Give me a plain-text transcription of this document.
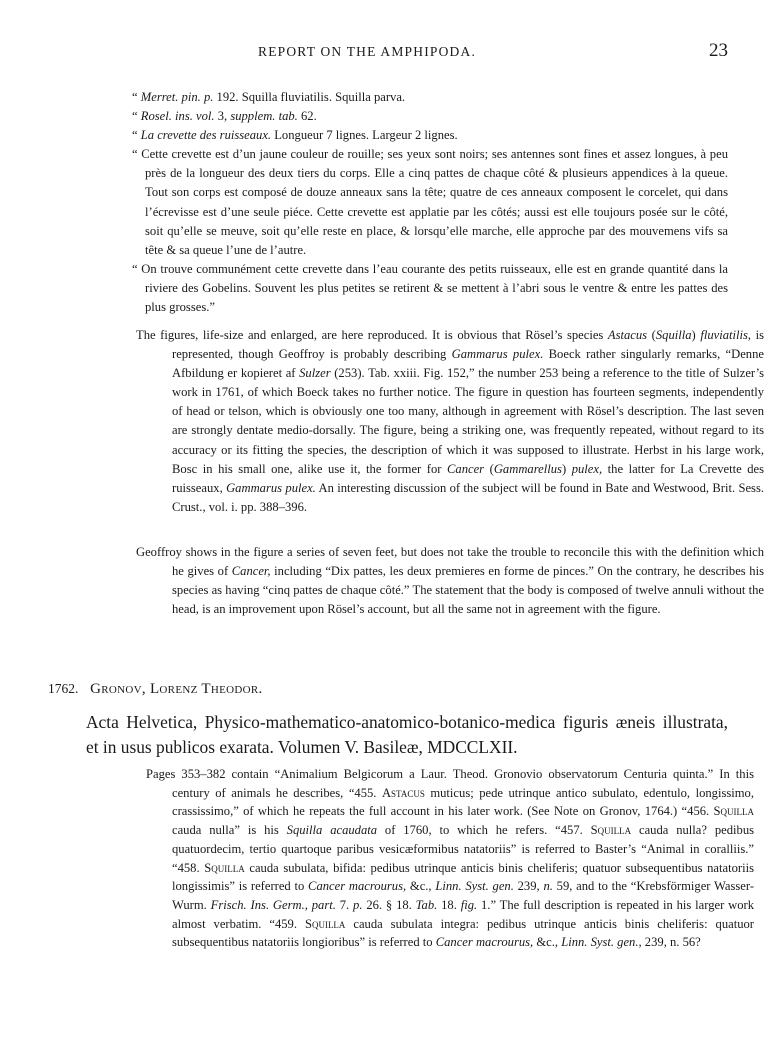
REPORT ON THE AMPHIPODA.	23
“ Merret. pin. p. 192. Squilla fluviatilis. Squilla parva.
“ Rosel. ins. vol. 3, supplem. tab. 62.
“ La crevette des ruisseaux. Longueur 7 lignes. Largeur 2 lignes.
“ Cette crevette est d’un jaune couleur de rouille; ses yeux sont noirs; ses antennes sont fines et assez longues, à peu près de la longueur des deux tiers du corps. Elle a cinq pattes de chaque côté & plusieurs appendices à la queue. Tout son corps est composé de douze anneaux sans la tête; quatre de ces anneaux composent le corcelet, qui dans l’écrevisse est d’une seule piéce. Cette crevette est applatie par les côtés; aussi est elle toujours posée sur le côté, soit qu’elle se meuve, soit qu’elle reste en place, & lorsqu’elle marche, elle approche par des mouvemens vifs sa tête & sa queue l’une de l’autre.
“ On trouve communément cette crevette dans l’eau courante des petits ruisseaux, elle est en grande quantité dans la riviere des Gobelins. Souvent les plus petites se retirent & se mettent à l’abri sous le ventre & entre les pattes des plus grosses.”
The figures, life-size and enlarged, are here reproduced. It is obvious that Rösel’s species Astacus (Squilla) fluviatilis, is represented, though Geoffroy is probably describing Gammarus pulex. Boeck rather singularly remarks, “Denne Afbildung er kopieret af Sulzer (253). Tab. xxiii. Fig. 152,” the number 253 being a reference to the title of Sulzer’s work in 1761, of which Boeck takes no further notice. The figure in question has fourteen segments, independently of head or telson, which is obviously one too many, although in agreement with Rösel’s description. The last seven are strongly dentate medio-dorsally. The figure, being a striking one, was frequently repeated, without regard to its accuracy or its fitting the species, the description of which it was supposed to illustrate. Herbst in his large work, Bosc in his small one, alike use it, the former for Cancer (Gammarellus) pulex, the latter for La Crevette des ruisseaux, Gammarus pulex. An interesting discussion of the subject will be found in Bate and Westwood, Brit. Sess. Crust., vol. i. pp. 388–396.
Geoffroy shows in the figure a series of seven feet, but does not take the trouble to reconcile this with the definition which he gives of Cancer, including “Dix pattes, les deux premieres en forme de pinces.” On the contrary, he describes his species as having “cinq pattes de chaque côté.” The statement that the body is composed of twelve annuli without the head, is an improvement upon Rösel’s account, but all the same not in agreement with the figure.
1762. Gronov, Lorenz Theodor.
Acta Helvetica, Physico-mathematico-anatomico-botanico-medica figuris æneis illustrata, et in usus publicos exarata. Volumen V. Basileæ, MDCCLXII.
Pages 353–382 contain “Animalium Belgicorum a Laur. Theod. Gronovio observatorum Centuria quinta.” In this century of animals he describes, “455. Astacus muticus; pede utrinque antico subulato, edentulo, longissimo, crassissimo,” of which he repeats the full account in his later work. (See Note on Gronov, 1764.) “456. Squilla cauda nulla” is his Squilla acaudata of 1760, to which he refers. “457. Squilla cauda nulla? pedibus quatuordecim, tertio quartoque paribus vesicæformibus natatoriis” is referred to Baster’s “Animal in coralliis.” “458. Squilla cauda subulata, bifida: pedibus utrinque anticis binis cheliferis; quatuor subsequentibus natatoriis longissimis” is referred to Cancer macrourus, &c., Linn. Syst. gen. 239, n. 59, and to the “Krebsförmiger Wasser-Wurm. Frisch. Ins. Germ., part. 7. p. 26. § 18. Tab. 18. fig. 1.” The full description is repeated in his larger work almost verbatim. “459. Squilla cauda subulata integra: pedibus utrinque anticis binis cheliferis: quatuor subsequentibus natatoriis longioribus” is referred to Cancer macrourus, &c., Linn. Syst. gen., 239, n. 56?
